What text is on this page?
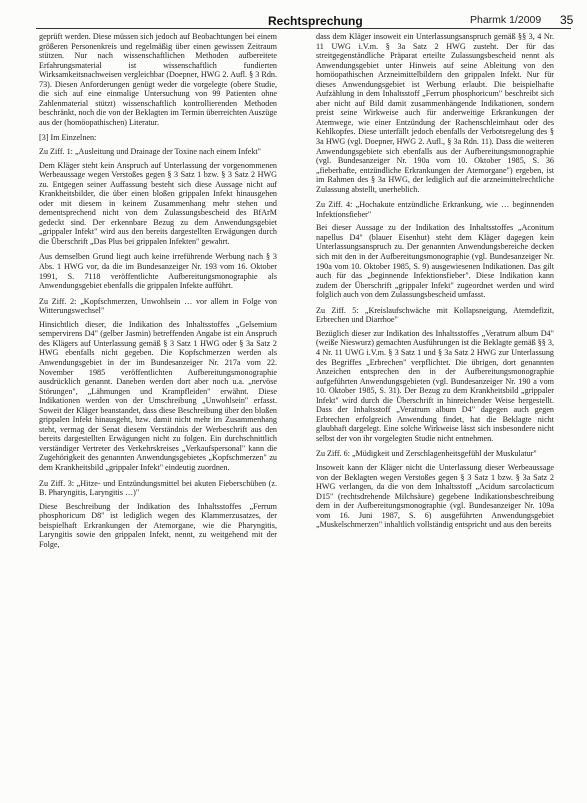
Rechtsprechung	Pharmk 1/2009 35

geprüft werden. Diese müssen sich jedoch auf Beobachtungen bei einem größeren Personenkreis und regelmäßig über einen gewissen Zeitraum stützen. Nur nach wissenschaftlichen Methoden aufbereitete Erfahrungsmaterial ist wissenschaftlich fundierten Wirksamkeitsnachweisen vergleichbar (Doepner, HWG 2. Aufl. § 3 Rdn. 73). Diesen Anforderungen genügt weder die vorgelegte (obere Studie, die sich auf eine einmalige Untersuchung von 99 Patienten ohne Zahlenmaterial stützt) wissenschaftlich kontrollierenden Methoden beschränkt, noch die von der Beklagten im Termin überreichten Auszüge aus der (homöopathischen) Literatur.

[3] Im Einzelnen:

Zu Ziff. 1: „Ausleitung und Drainage der Toxine nach einem Infekt"

Dem Kläger steht kein Anspruch auf Unterlassung der vorgenommenen Werbeaussage wegen Verstoßes gegen § 3 Satz 1 bzw. § 3 Satz 2 HWG zu. Entgegen seiner Auffassung besteht sich diese Aussage nicht auf Krankheitsbilder, die über einen bloßen grippalen Infekt hinausgehen oder mit diesem in keinem Zusammenhang mehr stehen und dementsprechend nicht von dem Zulassungsbescheid des BfArM gedeckt sind. Der erkennbare Bezug zu dem Anwendungsgebiet „grippaler Infekt" wird aus den bereits dargestellten Erwägungen durch die Überschrift „Das Plus bei grippalen Infekten" gewahrt.

Aus demselben Grund liegt auch keine irreführende Werbung nach § 3 Abs. 1 HWG vor, da die im Bundesanzeiger Nr. 193 vom 16. Oktober 1991, S. 7118 veröffentlichte Aufbereitungsmonographie als Anwendungsgebiet ebenfalls die grippalen Infekte aufführt.

Zu Ziff. 2: „Kopfschmerzen, Unwohlsein … vor allem in Folge von Witterungswechsel"

Hinsichtlich dieser, die Indikation des Inhaltsstoffes „Gelsemium sempervirens D4" (gelber Jasmin) betreffenden Angabe ist ein Anspruch des Klägers auf Unterlassung gemäß § 3 Satz 1 HWG oder § 3a Satz 2 HWG ebenfalls nicht gegeben. Die Kopfschmerzen werden als Anwendungsgebiet in der im Bundesanzeiger Nr. 217a vom 22. November 1985 veröffentlichten Aufbereitungsmonographie ausdrücklich genannt. Daneben werden dort aber noch u.a. „nervöse Störungen", „Lähmungen und Krampfleiden" erwähnt. Diese Indikationen werden von der Umschreibung „Unwohlsein" erfasst. Soweit der Kläger beanstandet, dass diese Beschreibung über den bloßen grippalen Infekt hinausgeht, bzw. damit nicht mehr im Zusammenhang steht, vermag der Senat diesem Verständnis der Werbeschrift aus den bereits dargestellten Erwägungen nicht zu folgen. Ein durchschnittlich verständiger Vertreter des Verkehrskreises „Verkaufspersonal" kann die Zugehörigkeit des genannten Anwendungsgebietes „Kopfschmerzen" zu dem Krankheitsbild „grippaler Infekt" eindeutig zuordnen.

Zu Ziff. 3: „Hitze- und Entzündungsmittel bei akuten Fieberschüben (z. B. Pharyngitis, Laryngitis …)"

Diese Beschreibung der Indikation des Inhaltsstoffes „Ferrum phosphoricum D8" ist lediglich wegen des Klammerzusatzes, der beispielhaft Erkrankungen der Atemorgane, wie die Pharyngitis, Laryngitis sowie den grippalen Infekt, nennt, zu weitgehend mit der Folge,

dass dem Kläger insoweit ein Unterlassungsanspruch gemäß §§ 3, 4 Nr. 11 UWG i.V.m. § 3a Satz 2 HWG zusteht. Der für das streitgegenständliche Präparat erteilte Zulassungsbescheid nennt als Anwendungsgebiet unter Hinweis auf seine Ableitung von den homöopathischen Arzneimittelbildern den grippalen Infekt. Nur für dieses Anwendungsgebiet ist Werbung erlaubt. Die beispielhafte Aufzählung in dem Inhaltsstoff „Ferrum phosphoricum" beschreibt sich aber nicht auf Bild damit zusammenhängende Indikationen, sondern preist seine Wirkweise auch für anderweitige Erkrankungen der Atemwege, wie einer Entzündung der Rachenschleimhaut oder des Kehlkopfes. Diese unterfällt jedoch ebenfalls der Verbotsregelung des § 3a HWG (vgl. Doepner, HWG 2. Aufl., § 3a Rdn. 11). Dass die weiteren Anwendungsgebiete sich ebenfalls aus der Aufbereitungsmonographie (vgl. Bundesanzeiger Nr. 190a vom 10. Oktober 1985, S. 36 „fieberhafte, entzündliche Erkrankungen der Atemorgane") ergeben, ist im Rahmen des § 3a HWG, der lediglich auf die arzneimittelrechtliche Zulassung abstellt, unerheblich.

Zu Ziff. 4: „Hochakute entzündliche Erkrankung, wie … beginnenden Infektionsfieber"

Bei dieser Aussage zu der Indikation des Inhaltsstoffes „Aconitum napellus D4" (blauer Eisenhut) steht dem Kläger dagegen kein Unterlassungsanspruch zu. Der genannten Anwendungsbereiche decken sich mit den in der Aufbereitungsmonographie (vgl. Bundesanzeiger Nr. 190a vom 10. Oktober 1985, S. 9) ausgewiesenen Indikationen. Das gilt auch für das „beginnende Infektionsfieber". Diese Indikation kann zudem der Überschrift „grippaler Infekt" zugeordnet werden und wird folglich auch von dem Zulassungsbescheid umfasst.

Zu Ziff. 5: „Kreislaufschwäche mit Kollapsneigung, Atemdefizit, Erbrechen und Diarrhoe"

Bezüglich dieser zur Indikation des Inhaltsstoffes „Veratrum album D4" (weiße Nieswurz) gemachten Ausführungen ist die Beklagte gemäß §§ 3, 4 Nr. 11 UWG i.V.m. § 3 Satz 1 und § 3a Satz 2 HWG zur Unterlassung des Begriffes „Erbrechen" verpflichtet. Die übrigen, dort genannten Anzeichen entsprechen den in der Aufbereitungsmonographie aufgeführten Anwendungsgebieten (vgl. Bundesanzeiger Nr. 190 a vom 10. Oktober 1985, S. 31). Der Bezug zu dem Krankheitsbild „grippaler Infekt" wird durch die Überschrift in hinreichender Weise hergestellt. Dass der Inhaltsstoff „Veratrum album D4" dagegen auch gegen Erbrechen erfolgreich Anwendung findet, hat die Beklagte nicht glaubhaft dargelegt. Eine solche Wirkweise lässt sich insbesondere nicht selbst der von ihr vorgelegten Studie nicht entnehmen.

Zu Ziff. 6: „Müdigkeit und Zerschlagenheitsgefühl der Muskulatur"

Insoweit kann der Kläger nicht die Unterlassung dieser Werbeaussage von der Beklagten wegen Verstoßes gegen § 3 Satz 1 bzw. § 3a Satz 2 HWG verlangen, da die von dem Inhaltsstoff „Acidum sarcolacticum D15" (rechtsdrehende Milchsäure) gegebene Indikationsbeschreibung dem in der Aufbereitungsmonographie (vgl. Bundesanzeiger Nr. 109a vom 16. Juni 1987, S. 6) ausgeführten Anwendungsgebiet „Muskelschmerzen" inhaltlich vollständig entspricht und aus den bereits
